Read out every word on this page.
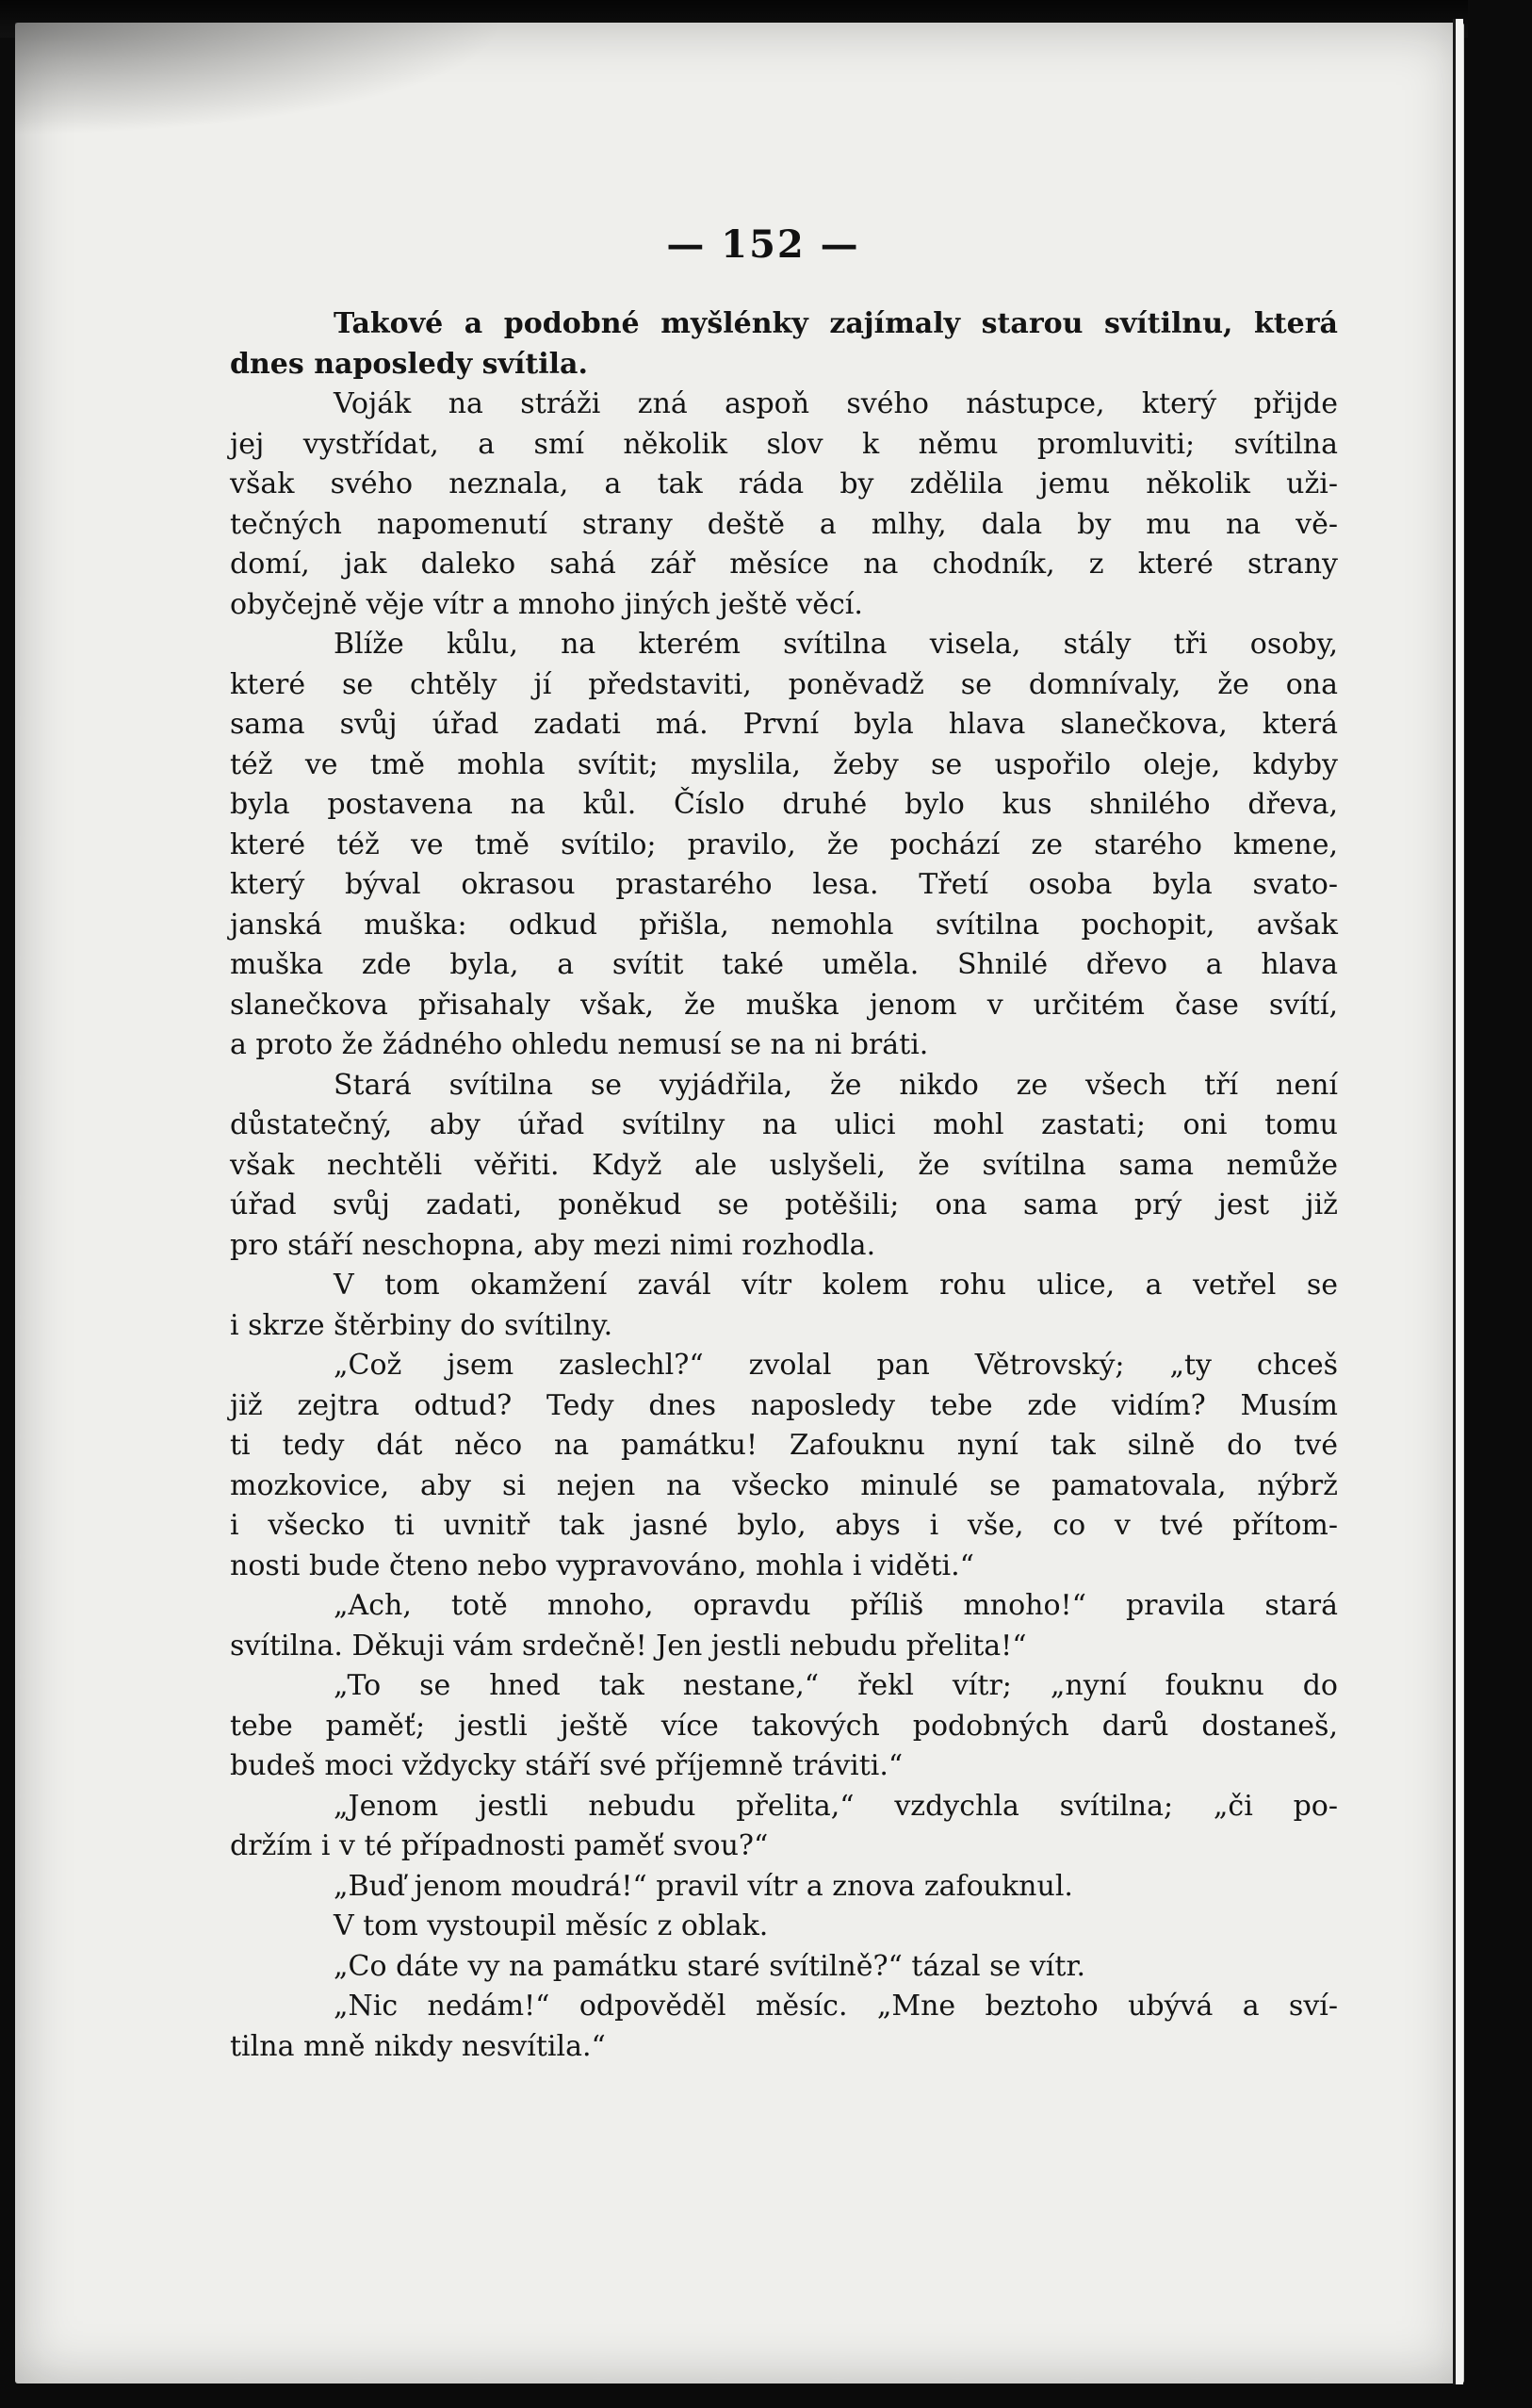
— 152 —
Takové a podobné myšlénky zajímaly starou svítilnu, která
dnes naposledy svítila.
Voják na stráži zná aspoň svého nástupce, který přijde
jej vystřídat, a smí několik slov k němu promluviti; svítilna
však svého neznala, a tak ráda by zdělila jemu několik uži-
tečných napomenutí strany deště a mlhy, dala by mu na vě-
domí, jak daleko sahá zář měsíce na chodník, z které strany
obyčejně věje vítr a mnoho jiných ještě věcí.
Blíže kůlu, na kterém svítilna visela, stály tři osoby,
které se chtěly jí představiti, poněvadž se domnívaly, že ona
sama svůj úřad zadati má. První byla hlava slanečkova, která
též ve tmě mohla svítit; myslila, žeby se uspořilo oleje, kdyby
byla postavena na kůl. Číslo druhé bylo kus shnilého dřeva,
které též ve tmě svítilo; pravilo, že pochází ze starého kmene,
který býval okrasou prastarého lesa. Třetí osoba byla svato-
janská muška: odkud přišla, nemohla svítilna pochopit, avšak
muška zde byla, a svítit také uměla. Shnilé dřevo a hlava
slanečkova přisahaly však, že muška jenom v určitém čase svítí,
a proto že žádného ohledu nemusí se na ni bráti.
Stará svítilna se vyjádřila, že nikdo ze všech tří není
důstatečný, aby úřad svítilny na ulici mohl zastati; oni tomu
však nechtěli věřiti. Když ale uslyšeli, že svítilna sama nemůže
úřad svůj zadati, poněkud se potěšili; ona sama prý jest již
pro stáří neschopna, aby mezi nimi rozhodla.
V tom okamžení zavál vítr kolem rohu ulice, a vetřel se
i skrze štěrbiny do svítilny.
„Což jsem zaslechl?“ zvolal pan Větrovský; „ty chceš
již zejtra odtud? Tedy dnes naposledy tebe zde vidím? Musím
ti tedy dát něco na památku! Zafouknu nyní tak silně do tvé
mozkovice, aby si nejen na všecko minulé se pamatovala, nýbrž
i všecko ti uvnitř tak jasné bylo, abys i vše, co v tvé přítom-
nosti bude čteno nebo vypravováno, mohla i viděti.“
„Ach, totě mnoho, opravdu příliš mnoho!“ pravila stará
svítilna. Děkuji vám srdečně! Jen jestli nebudu přelita!“
„To se hned tak nestane,“ řekl vítr; „nyní fouknu do
tebe paměť; jestli ještě více takových podobných darů dostaneš,
budeš moci vždycky stáří své příjemně tráviti.“
„Jenom jestli nebudu přelita,“ vzdychla svítilna; „či po-
držím i v té případnosti paměť svou?“
„Buď jenom moudrá!“ pravil vítr a znova zafouknul.
V tom vystoupil měsíc z oblak.
„Co dáte vy na památku staré svítilně?“ tázal se vítr.
„Nic nedám!“ odpověděl měsíc. „Mne beztoho ubývá a sví-
tilna mně nikdy nesvítila.“
